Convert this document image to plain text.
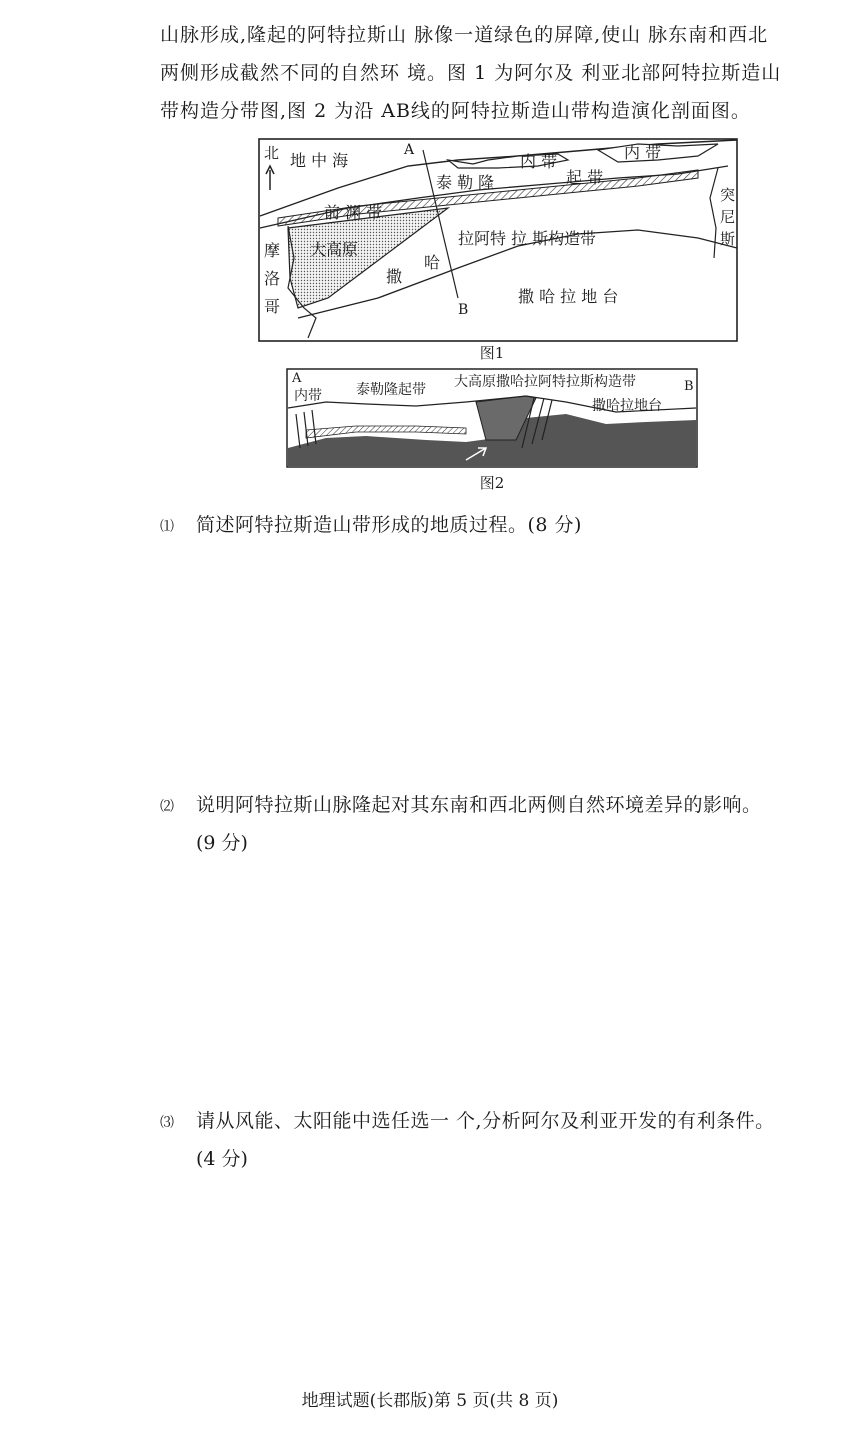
山脉形成,隆起的阿特拉斯山 脉像一道绿色的屏障,使山 脉东南和西北
两侧形成截然不同的自然环 境。图 1 为阿尔及 利亚北部阿特拉斯造山
带构造分带图,图 2 为沿 AB线的阿特拉斯造山带构造演化剖面图。
北 地 中 海	内 带	内 带
泰 勒 隆	起 带
前 渊 带
大高原
摩
洛
哥
拉阿特 拉 斯构造带
撒
哈
撒 哈 拉 地 台
突
尼
斯
A
B
图1
A
内带 泰勒隆起带 大高原撒哈拉阿特拉斯构造带	B
撒哈拉地台
图2
⑴ 简述阿特拉斯造山带形成的地质过程。(8 分)
⑵ 说明阿特拉斯山脉隆起对其东南和西北两侧自然环境差异的影响。
(9 分)
⑶ 请从风能、太阳能中选任选一 个,分析阿尔及利亚开发的有利条件。
(4 分)
地理试题(长郡版)第 5 页(共 8 页)
